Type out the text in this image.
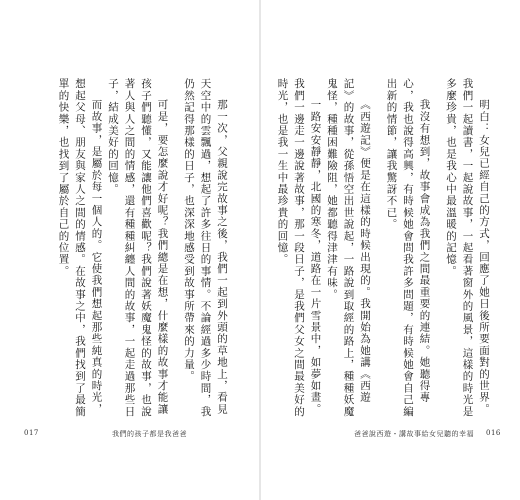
那一次，父親說完故事之後，我們一起到外頭的草地上，看見天空中的雲飄過，想起了許多往日的事情。不論經過多少時間，我仍然記得那樣的日子，也深深地感受到故事所帶來的力量。

可是，要怎麼說才好呢？我們總是在想，什麼樣的故事才能讓孩子們聽懂，又能讓他們喜歡呢？我們說著妖魔鬼怪的故事，也說著人與人之間的情感，還有種種糾纏人間的故事，一起走過那些日子，結成美好的回憶。

而故事，是屬於每一個人的。它使我們想起那些純真的時光，想起父母、朋友與家人之間的情感。在故事之中，我們找到了最簡單的快樂，也找到了屬於自己的位置。

017	我們的孩子都是我爸爸

明白：女兒已經自己的方式，回應了她日後所要面對的世界。我們一起讀書，一起說故事，一起看著窗外的風景，這樣的時光是多麼珍貴，也是我心中最溫暖的記憶。

我沒有想到，故事會成為我們之間最重要的連結。她聽得專心，我也說得高興，有時候她會問我許多問題，有時候她會自己編出新的情節，讓我驚訝不已。

《西遊記》便是在這樣的時候出現的。我開始為她講《西遊記》的故事，從孫悟空出世說起，一路說到取經的路上，種種妖魔鬼怪，種種困難險阻，她都聽得津津有味。

一路安安靜靜，北國的寒冬，道路在一片雪景中，如夢如畫。我們一邊走一邊說著故事，那一段日子，是我們父女之間最美好的時光，也是我一生中最珍貴的回憶。

爸爸說西遊・講故事給女兒聽的幸福 016
